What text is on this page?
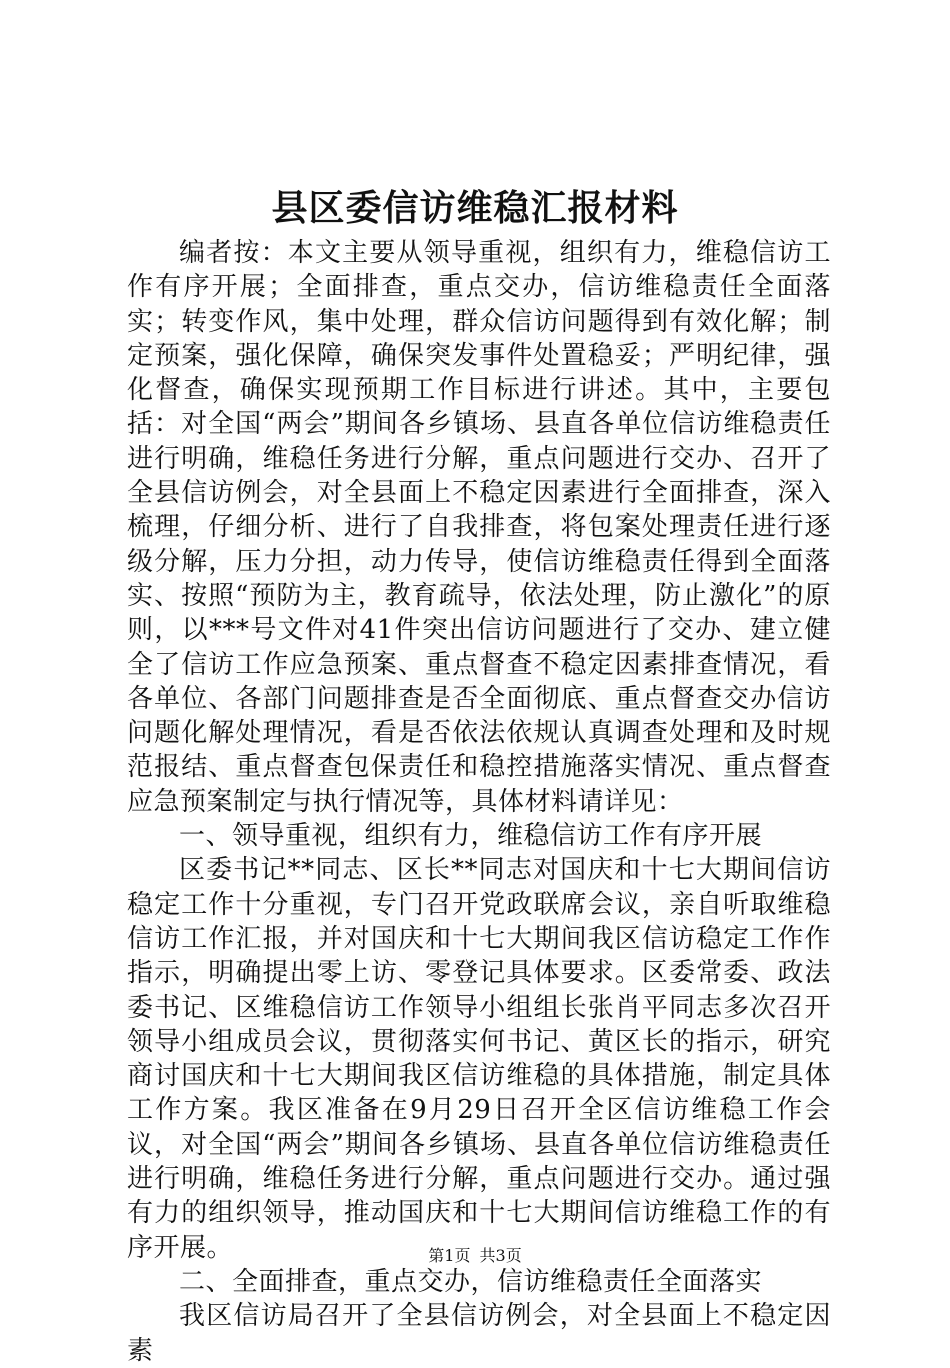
县区委信访维稳汇报材料

编者按：本文主要从领导重视，组织有力，维稳信访工作有序开展；全面排查，重点交办，信访维稳责任全面落实；转变作风，集中处理，群众信访问题得到有效化解；制定预案，强化保障，确保突发事件处置稳妥；严明纪律，强化督查，确保实现预期工作目标进行讲述。其中，主要包括：对全国“两会”期间各乡镇场、县直各单位信访维稳责任进行明确，维稳任务进行分解，重点问题进行交办、召开了全县信访例会，对全县面上不稳定因素进行全面排查，深入梳理，仔细分析、进行了自我排查，将包案处理责任进行逐级分解，压力分担，动力传导，使信访维稳责任得到全面落实、按照“预防为主，教育疏导，依法处理，防止激化”的原则，以***号文件对41件突出信访问题进行了交办、建立健全了信访工作应急预案、重点督查不稳定因素排查情况，看各单位、各部门问题排查是否全面彻底、重点督查交办信访问题化解处理情况，看是否依法依规认真调查处理和及时规范报结、重点督查包保责任和稳控措施落实情况、重点督查应急预案制定与执行情况等，具体材料请详见：

一、领导重视，组织有力，维稳信访工作有序开展

区委书记**同志、区长**同志对国庆和十七大期间信访稳定工作十分重视，专门召开党政联席会议，亲自听取维稳信访工作汇报，并对国庆和十七大期间我区信访稳定工作作指示，明确提出零上访、零登记具体要求。区委常委、政法委书记、区维稳信访工作领导小组组长张肖平同志多次召开领导小组成员会议，贯彻落实何书记、黄区长的指示，研究商讨国庆和十七大期间我区信访维稳的具体措施，制定具体工作方案。我区准备在9月29日召开全区信访维稳工作会议，对全国“两会”期间各乡镇场、县直各单位信访维稳责任进行明确，维稳任务进行分解，重点问题进行交办。通过强有力的组织领导，推动国庆和十七大期间信访维稳工作的有序开展。

二、全面排查，重点交办，信访维稳责任全面落实

我区信访局召开了全县信访例会，对全县面上不稳定因素

第1页 共3页
